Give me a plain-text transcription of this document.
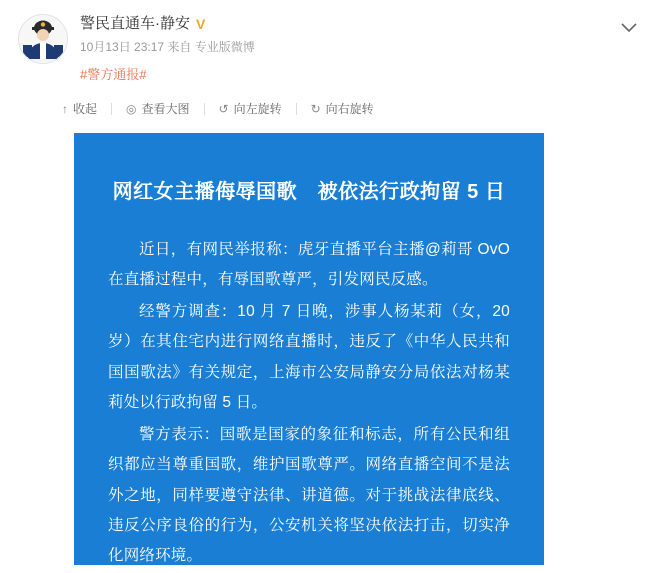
警民直通车·静安 V
10月13日 23:17 来自 专业版微博
#警方通报#
↑ 收起 ◎ 查看大图 ↺ 向左旋转 ↻ 向右旋转
网红女主播侮辱国歌　被依法行政拘留 5 日

近日，有网民举报称：虎牙直播平台主播@莉哥 OvO 在直播过程中，有辱国歌尊严，引发网民反感。

经警方调查：10 月 7 日晚，涉事人杨某莉（女，20 岁）在其住宅内进行网络直播时，违反了《中华人民共和国国歌法》有关规定，上海市公安局静安分局依法对杨某莉处以行政拘留 5 日。

警方表示：国歌是国家的象征和标志，所有公民和组织都应当尊重国歌，维护国歌尊严。网络直播空间不是法外之地，同样要遵守法律、讲道德。对于挑战法律底线、违反公序良俗的行为，公安机关将坚决依法打击，切实净化网络环境。
